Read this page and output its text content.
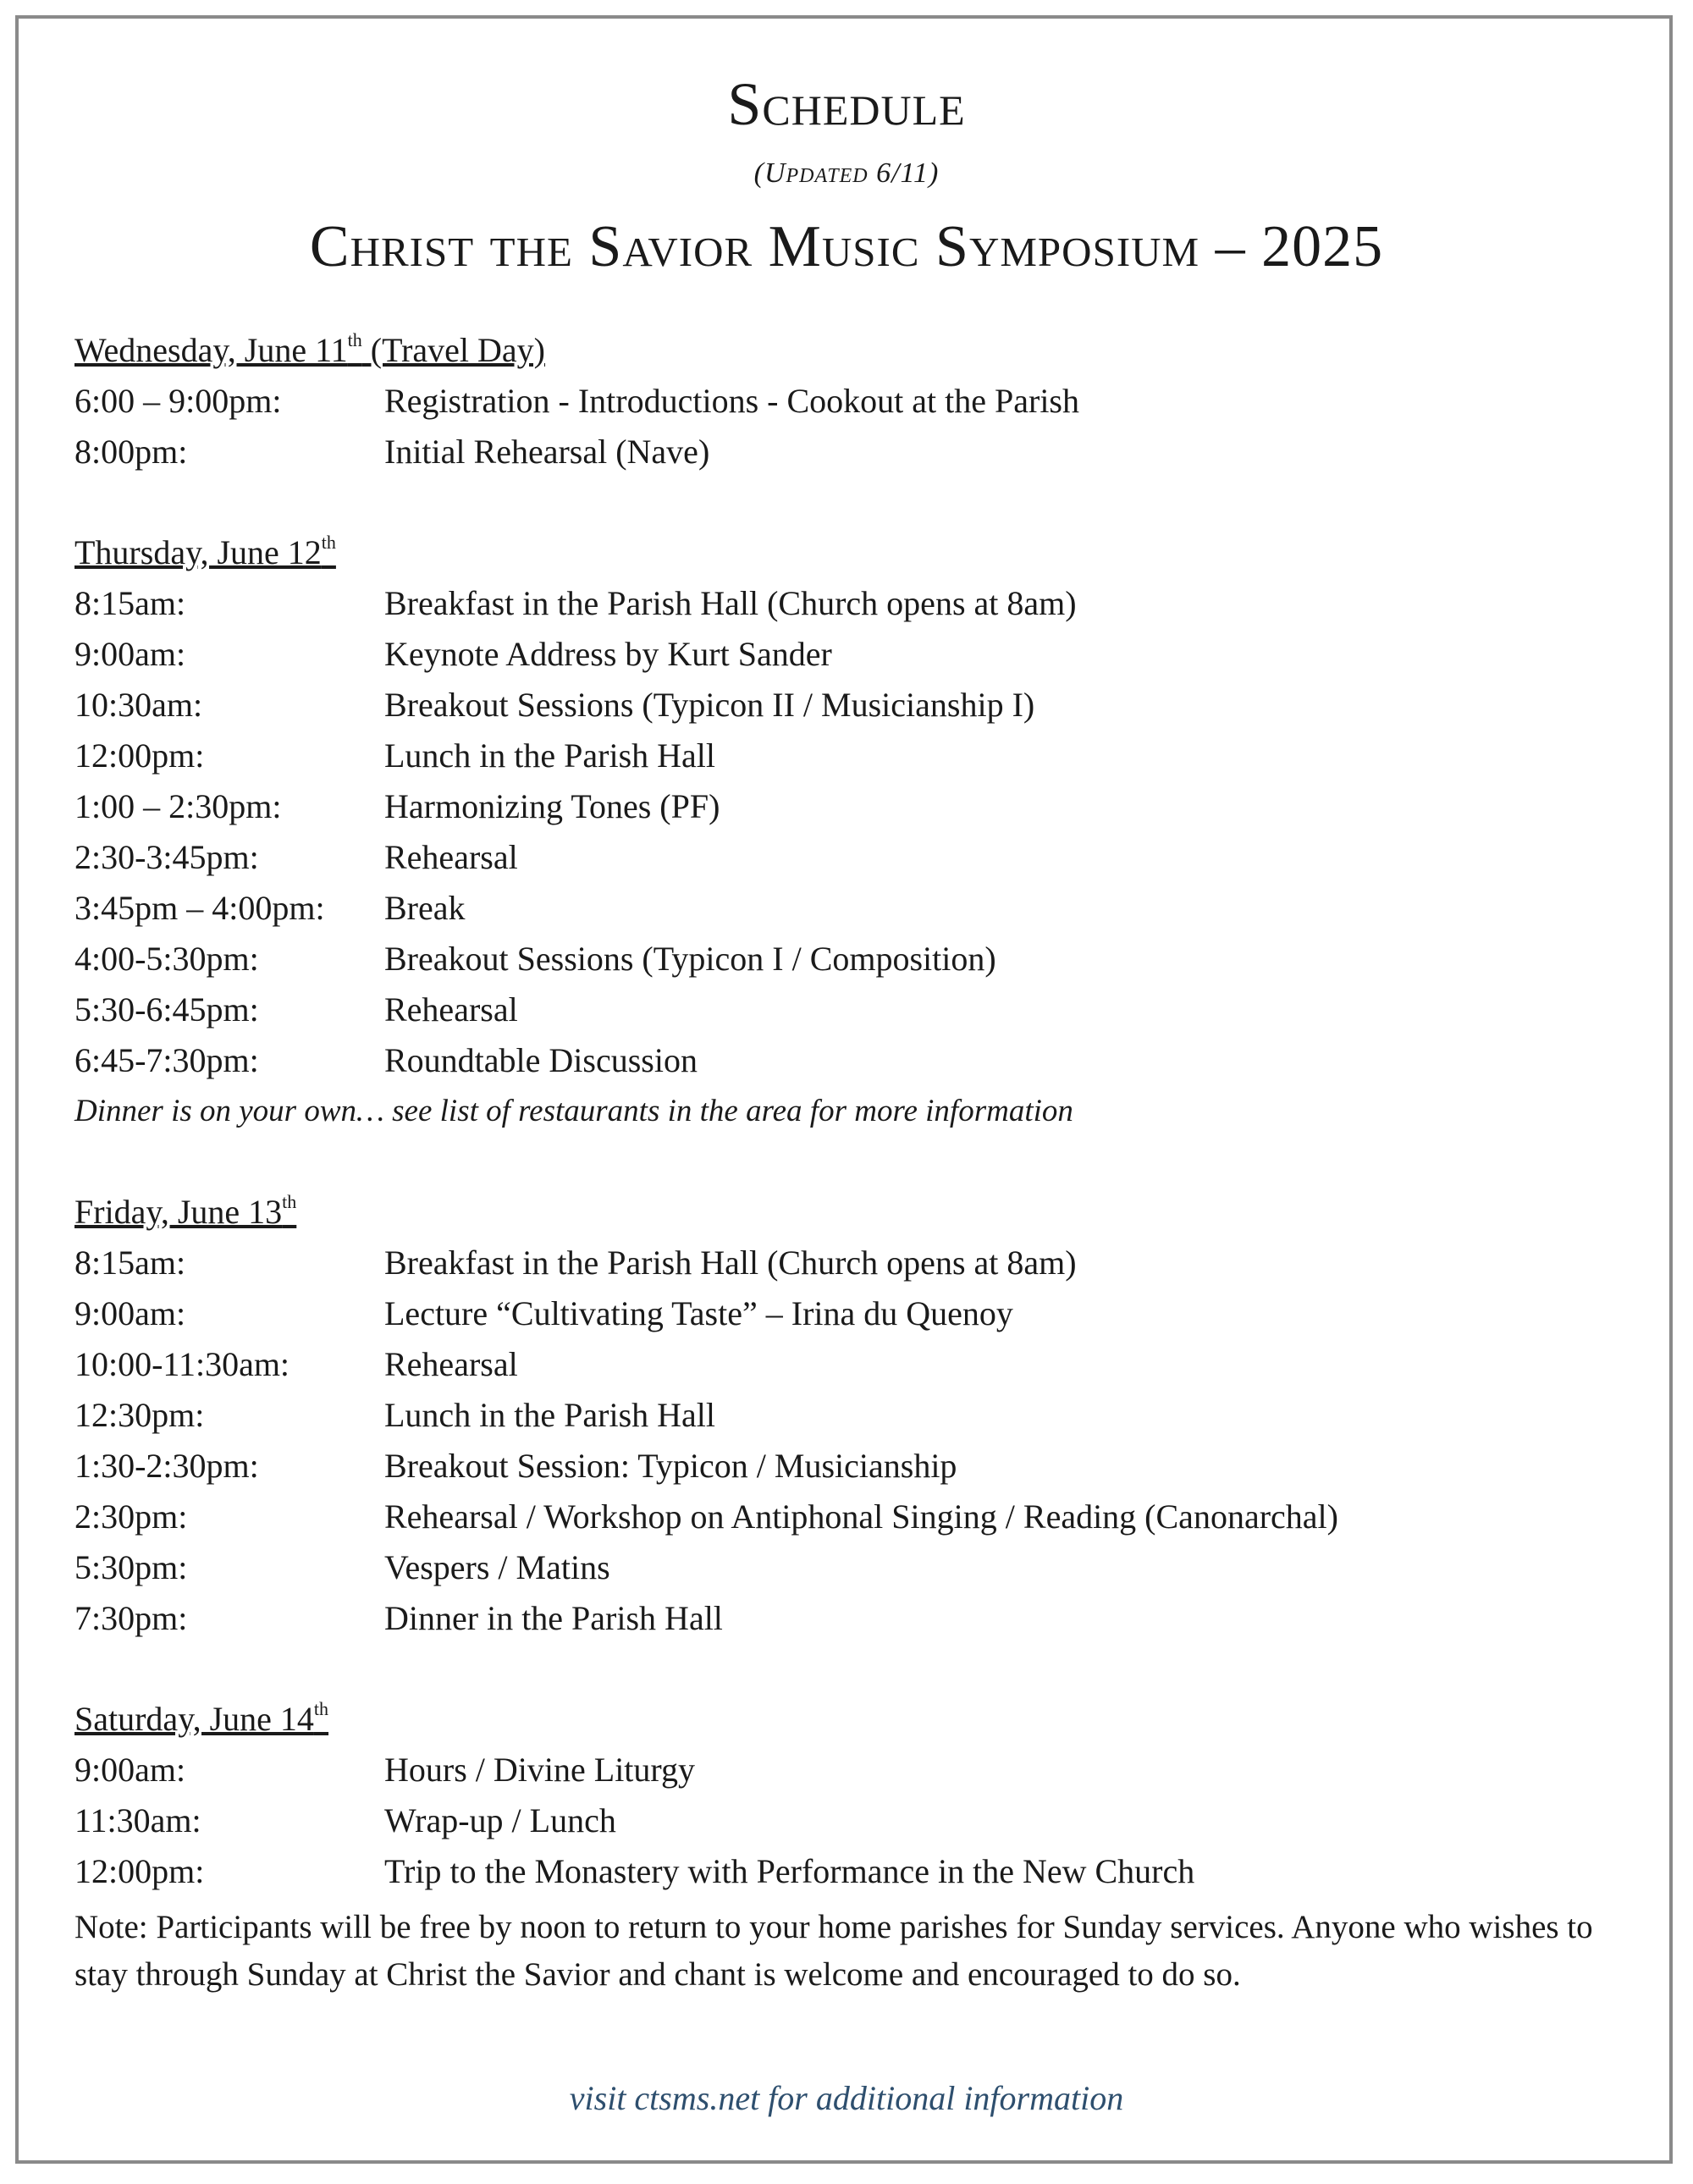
Schedule
(Updated 6/11)
Christ the Savior Music Symposium – 2025
Wednesday, June 11th (Travel Day)
6:00 – 9:00pm:	Registration - Introductions - Cookout at the Parish
8:00pm:	Initial Rehearsal (Nave)
Thursday, June 12th
8:15am:	Breakfast in the Parish Hall (Church opens at 8am)
9:00am:	Keynote Address by Kurt Sander
10:30am:	Breakout Sessions (Typicon II / Musicianship I)
12:00pm:	Lunch in the Parish Hall
1:00 – 2:30pm:	Harmonizing Tones (PF)
2:30-3:45pm:	Rehearsal
3:45pm – 4:00pm:	Break
4:00-5:30pm:	Breakout Sessions (Typicon I / Composition)
5:30-6:45pm:	Rehearsal
6:45-7:30pm:	Roundtable Discussion
Dinner is on your own… see list of restaurants in the area for more information
Friday, June 13th
8:15am:	Breakfast in the Parish Hall (Church opens at 8am)
9:00am:	Lecture “Cultivating Taste” – Irina du Quenoy
10:00-11:30am:	Rehearsal
12:30pm:	Lunch in the Parish Hall
1:30-2:30pm:	Breakout Session: Typicon / Musicianship
2:30pm:	Rehearsal / Workshop on Antiphonal Singing / Reading (Canonarchal)
5:30pm:	Vespers / Matins
7:30pm:	Dinner in the Parish Hall
Saturday, June 14th
9:00am:	Hours / Divine Liturgy
11:30am:	Wrap-up / Lunch
12:00pm:	Trip to the Monastery with Performance in the New Church
Note: Participants will be free by noon to return to your home parishes for Sunday services. Anyone who wishes to stay through Sunday at Christ the Savior and chant is welcome and encouraged to do so.
visit ctsms.net for additional information
